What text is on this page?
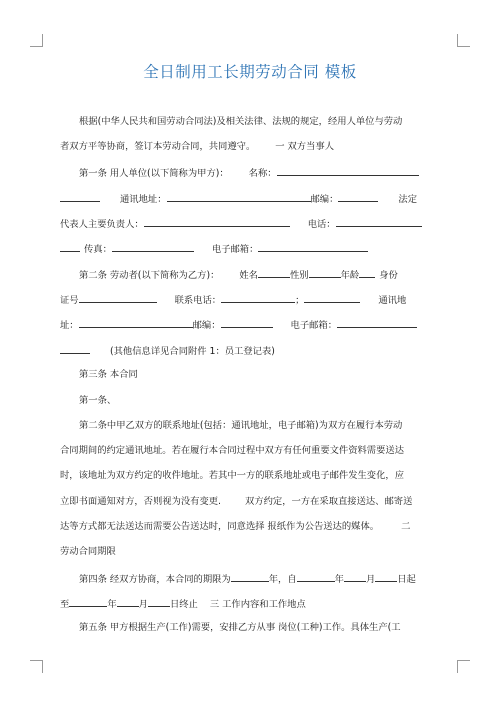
全日制用工长期劳动合同 模板
根据(中华人民共和国劳动合同法)及相关法律、法规的规定，经用人单位与劳动
者双方平等协商，签订本劳动合同，共同遵守。 一 双方当事人
第一条 用人单位(以下简称为甲方)： 名称：
通讯地址：	邮编：	法定
代表人主要负责人：	电话：
传真：	电子邮箱：
第二条 劳动者(以下简称为乙方)： 姓名	性别	年龄 身份
证号	联系电话：	；	通讯地
址：	邮编：	电子邮箱：
(其他信息详见合同附件 1：员工登记表)
第三条 本合同
第一条、
第二条中甲乙双方的联系地址(包括：通讯地址，电子邮箱)为双方在履行本劳动
合同期间的约定通讯地址。若在履行本合同过程中双方有任何重要文件资料需要送达
时，该地址为双方约定的收件地址。若其中一方的联系地址或电子邮件发生变化，应
立即书面通知对方，否则视为没有变更.	双方约定，一方在采取直接送达、邮寄送
达等方式都无法送达而需要公告送达时，同意选择 报纸作为公告送达的媒体。 二
劳动合同期限
第四条 经双方协商，本合同的期限为	年，自	年 月 日起
至	年 月 日终止 三 工作内容和工作地点
第五条 甲方根据生产(工作)需要，安排乙方从事 岗位(工种)工作。具体生产(工
